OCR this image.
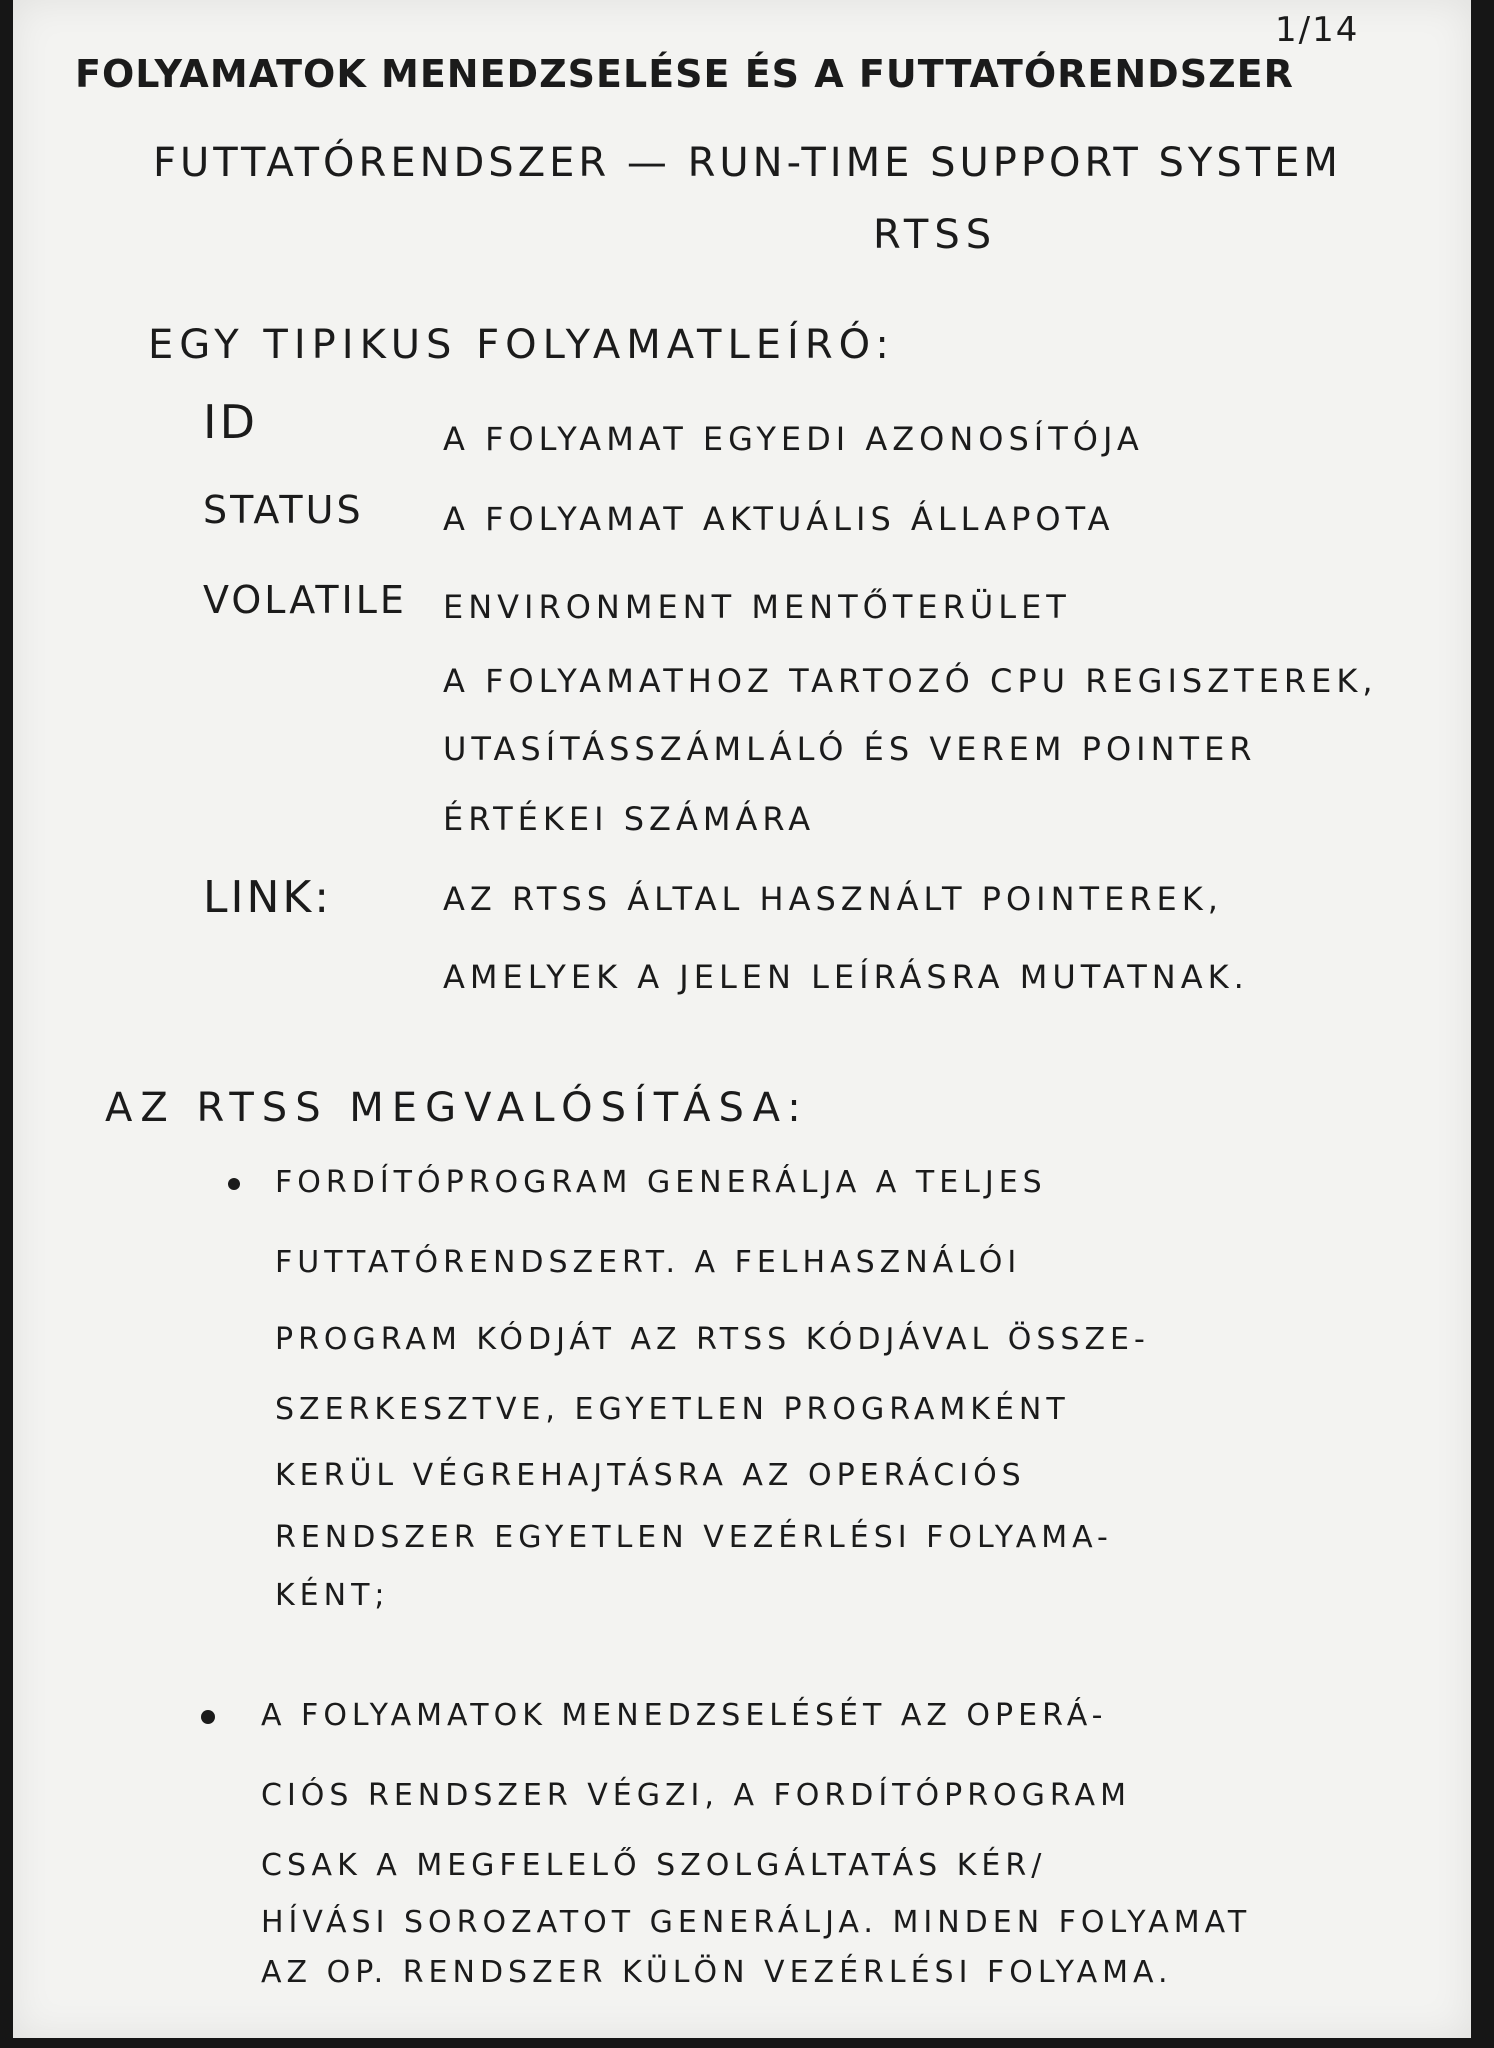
1/14
FOLYAMATOK MENEDZSELÉSE ÉS A FUTTATÓRENDSZER
FUTTATÓRENDSZER — RUN-TIME SUPPORT SYSTEM
RTSS
EGY TIPIKUS FOLYAMATLEÍRÓ:
ID	A FOLYAMAT EGYEDI AZONOSÍTÓJA
STATUS A FOLYAMAT AKTUÁLIS ÁLLAPOTA
VOLATILE ENVIRONMENT MENTŐTERÜLET
A FOLYAMATHOZ TARTOZÓ CPU REGISZTEREK,
UTASÍTÁSSZÁMLÁLÓ ÉS VEREM POINTER
ÉRTÉKEI SZÁMÁRA
LINK:	AZ RTSS ÁLTAL HASZNÁLT POINTEREK,
AMELYEK A JELEN LEÍRÁSRA MUTATNAK.
AZ RTSS MEGVALÓSÍTÁSA:
FORDÍTÓPROGRAM GENERÁLJA A TELJES
FUTTATÓRENDSZERT. A FELHASZNÁLÓI
PROGRAM KÓDJÁT AZ RTSS KÓDJÁVAL ÖSSZE-
SZERKESZTVE, EGYETLEN PROGRAMKÉNT
KERÜL VÉGREHAJTÁSRA AZ OPERÁCIÓS
RENDSZER EGYETLEN VEZÉRLÉSI FOLYAMA-
KÉNT;
A FOLYAMATOK MENEDZSELÉSÉT AZ OPERÁ-
CIÓS RENDSZER VÉGZI, A FORDÍTÓPROGRAM
CSAK A MEGFELELŐ SZOLGÁLTATÁS KÉR/
HÍVÁSI SOROZATOT GENERÁLJA. MINDEN FOLYAMAT
AZ OP. RENDSZER KÜLÖN VEZÉRLÉSI FOLYAMA.
